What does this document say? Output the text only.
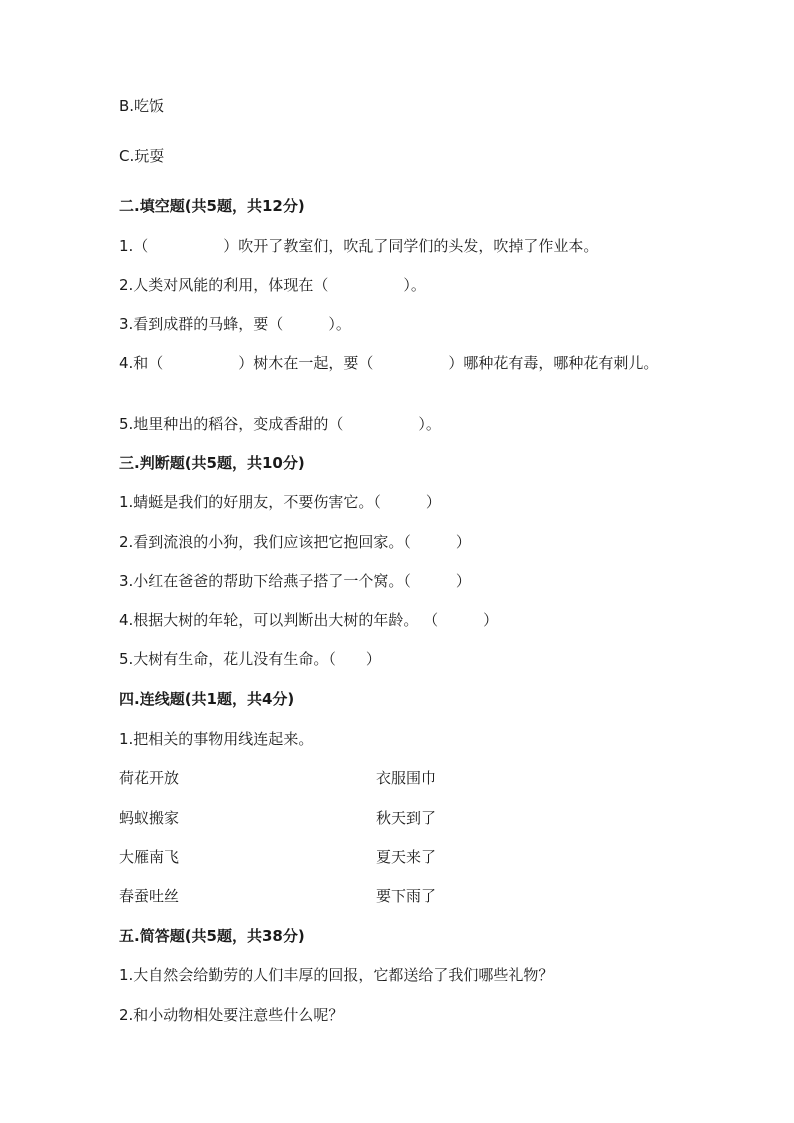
B.吃饭

C.玩耍

二.填空题(共5题，共12分)

1.（　　　　　）吹开了教室们，吹乱了同学们的头发，吹掉了作业本。

2.人类对风能的利用，体现在（　　　　　）。

3.看到成群的马蜂，要（　　　）。

4.和（　　　　　）树木在一起，要（　　　　　）哪种花有毒，哪种花有刺儿。

5.地里种出的稻谷，变成香甜的（　　　　　）。

三.判断题(共5题，共10分)

1.蜻蜓是我们的好朋友，不要伤害它。（　　　）

2.看到流浪的小狗，我们应该把它抱回家。（　　　）

3.小红在爸爸的帮助下给燕子搭了一个窝。（　　　）

4.根据大树的年轮，可以判断出大树的年龄。 （　　　）

5.大树有生命，花儿没有生命。（　　）

四.连线题(共1题，共4分)

1.把相关的事物用线连起来。

荷花开放	衣服围巾

蚂蚁搬家	秋天到了

大雁南飞	夏天来了

春蚕吐丝	要下雨了

五.简答题(共5题，共38分)

1.大自然会给勤劳的人们丰厚的回报，它都送给了我们哪些礼物？

2.和小动物相处要注意些什么呢？
